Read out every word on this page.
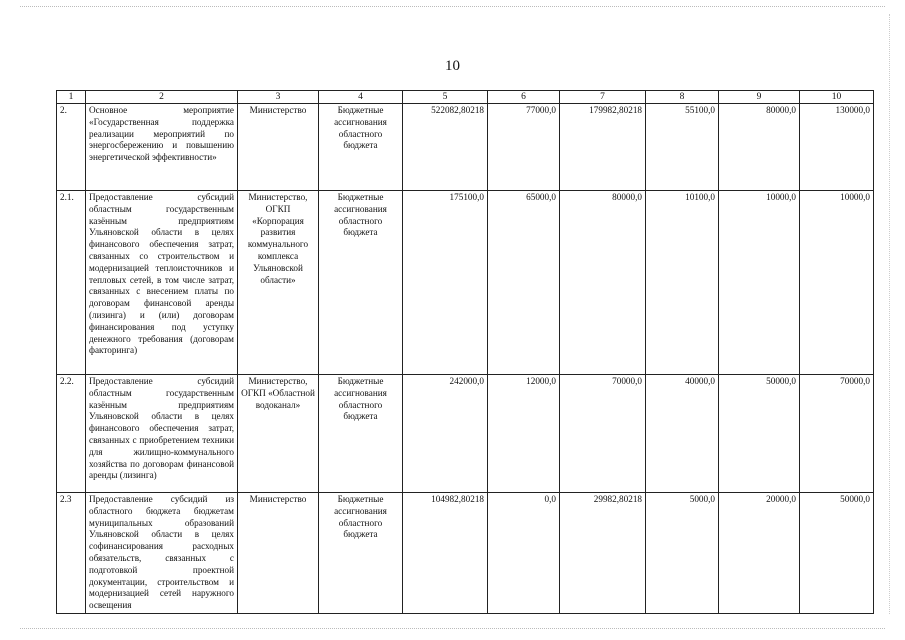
10
1	2	3	4	5	6	7	8	9	10
2.	Основное мероприятие «Государственная поддержка реализации мероприятий по энергосбережению и повышению энергетической эффективности»	Министерство	Бюджетные ассигнования областного бюджета	522082,80218	77000,0	179982,80218	55100,0	80000,0	130000,0
2.1.	Предоставление субсидий областным государственным казённым предприятиям Ульяновской области в целях финансового обеспечения затрат, связанных со строительством и модернизацией теплоисточников и тепловых сетей, в том числе затрат, связанных с внесением платы по договорам финансовой аренды (лизинга) и (или) договорам финансирования под уступку денежного требования (договорам факторинга)	Министерство, ОГКП «Корпорация развития коммунального комплекса Ульяновской области»	Бюджетные ассигнования областного бюджета	175100,0	65000,0	80000,0	10100,0	10000,0	10000,0
2.2.	Предоставление субсидий областным государственным казённым предприятиям Ульяновской области в целях финансового обеспечения затрат, связанных с приобретением техники для жилищно-коммунального хозяйства по договорам финансовой аренды (лизинга)	Министерство, ОГКП «Областной водоканал»	Бюджетные ассигнования областного бюджета	242000,0	12000,0	70000,0	40000,0	50000,0	70000,0
2.3	Предоставление субсидий из областного бюджета бюджетам муниципальных образований Ульяновской области в целях софинансирования расходных обязательств, связанных с подготовкой проектной документации, строительством и модернизацией сетей наружного освещения	Министерство	Бюджетные ассигнования областного бюджета	104982,80218	0,0	29982,80218	5000,0	20000,0	50000,0
